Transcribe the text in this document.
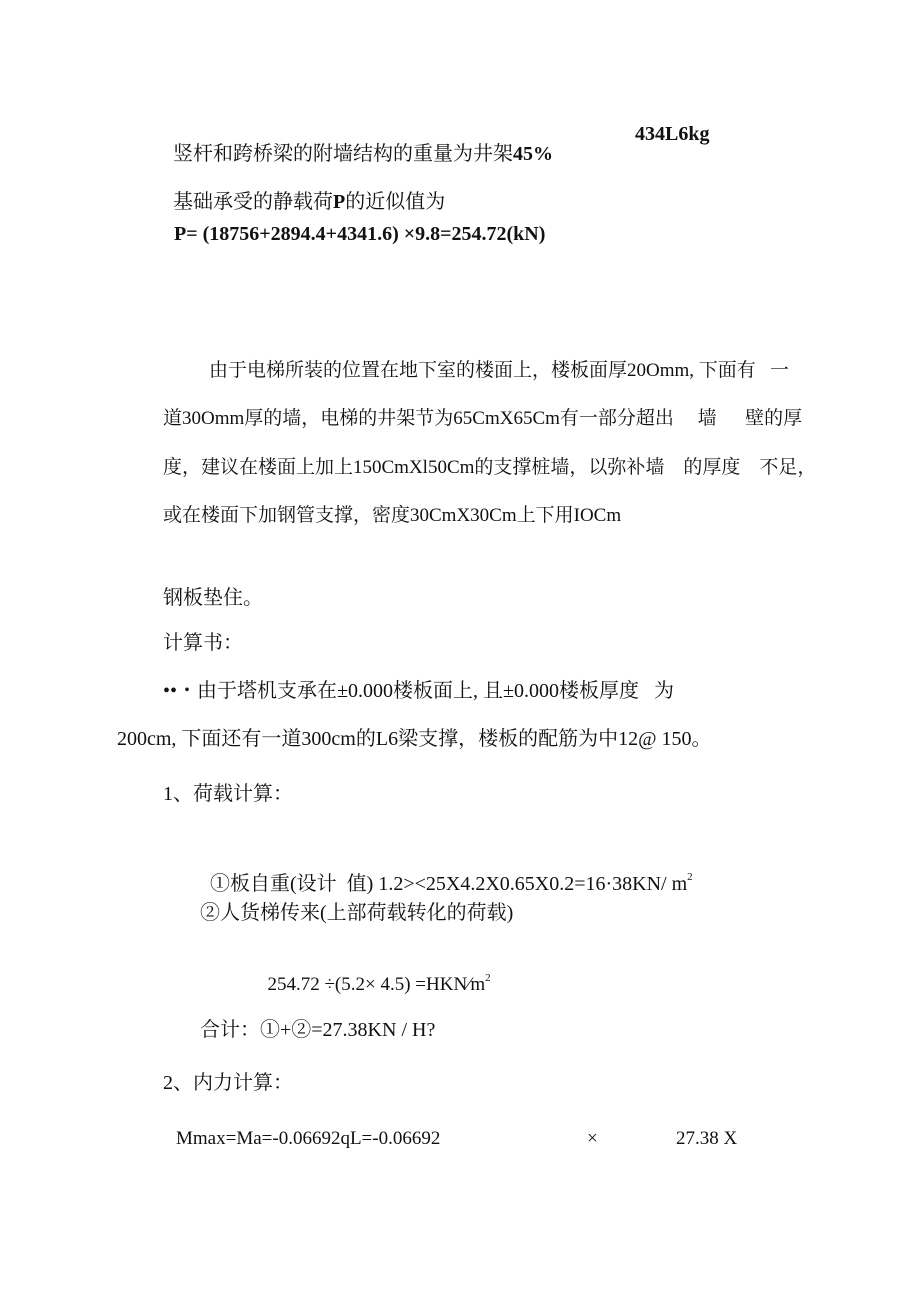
竖杆和跨桥梁的附墙结构的重量为井架45%

434L6kg

基础承受的静载荷P的近似值为

P= (18756+2894.4+4341.6) ×9.8=254.72(kN)
由于电梯所装的位置在地下室的楼面上，楼板面厚20Omm, 下面有   一
道30Omm厚的墙，电梯的井架节为65CmX65Cm有一部分超出     墙      壁的厚
度，建议在楼面上加上150CmXl50Cm的支撑桩墙，以弥补墙    的厚度    不足，
或在楼面下加钢管支撑，密度30CmX30Cm上下用IOCm
钢板垫住。
计算书：
••・由于塔机支承在±0.000楼板面上, 且±0.000楼板厚度   为
200cm, 下面还有一道300cm的L6梁支撑，楼板的配筋为中12@ 150。
1、荷载计算：

①板自重(设计  值) 1.2><25X4.2X0.65X0.2=16·38KN/ $m^2$

②人货梯传来(上部荷载转化的荷载)

$254.72 \div(5.2\times 4.5) =HKN⁄m^2$

合计：①+②=27.38KN / H?
2、内力计算：
Mmax=Ma=-0.06692qL=-0.06692	×	27.38 X
